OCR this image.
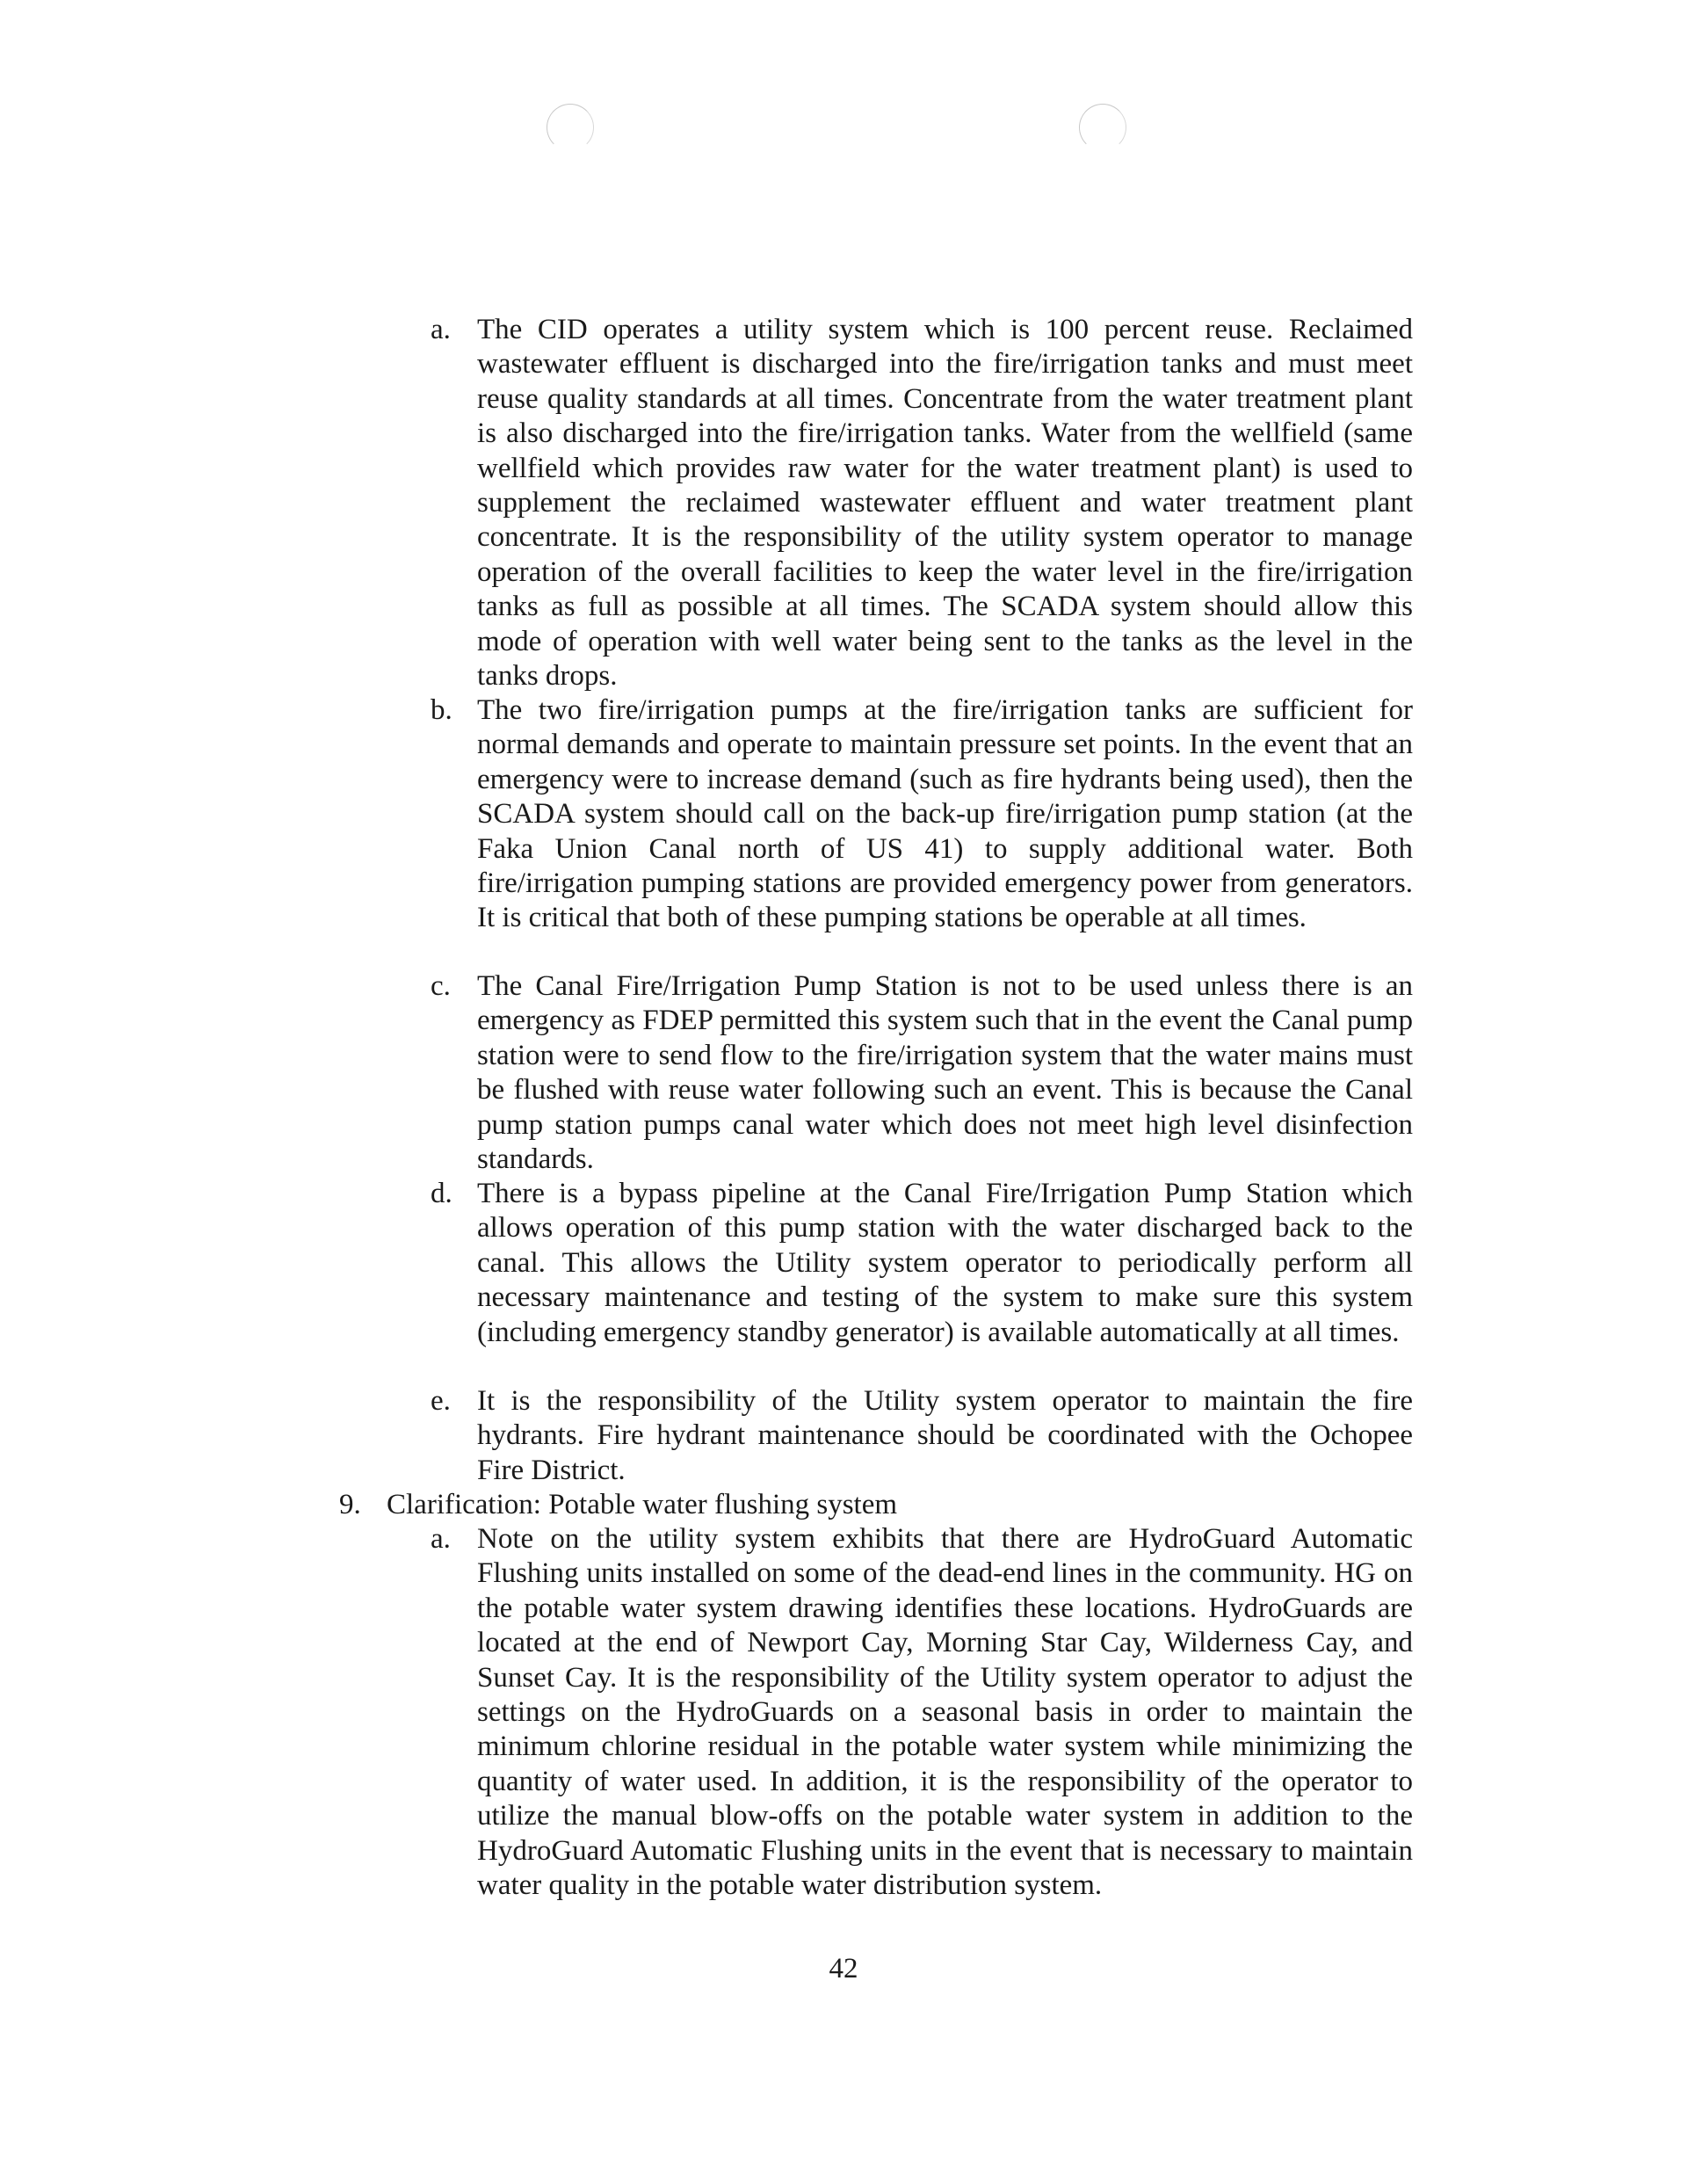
a. The CID operates a utility system which is 100 percent reuse. Reclaimed wastewater effluent is discharged into the fire/irrigation tanks and must meet reuse quality standards at all times. Concentrate from the water treatment plant is also discharged into the fire/irrigation tanks. Water from the wellfield (same wellfield which provides raw water for the water treatment plant) is used to supplement the reclaimed wastewater effluent and water treatment plant concentrate. It is the responsibility of the utility system operator to manage operation of the overall facilities to keep the water level in the fire/irrigation tanks as full as possible at all times. The SCADA system should allow this mode of operation with well water being sent to the tanks as the level in the tanks drops.
b. The two fire/irrigation pumps at the fire/irrigation tanks are sufficient for normal demands and operate to maintain pressure set points. In the event that an emergency were to increase demand (such as fire hydrants being used), then the SCADA system should call on the back-up fire/irrigation pump station (at the Faka Union Canal north of US 41) to supply additional water. Both fire/irrigation pumping stations are provided emergency power from generators. It is critical that both of these pumping stations be operable at all times.
c. The Canal Fire/Irrigation Pump Station is not to be used unless there is an emergency as FDEP permitted this system such that in the event the Canal pump station were to send flow to the fire/irrigation system that the water mains must be flushed with reuse water following such an event. This is because the Canal pump station pumps canal water which does not meet high level disinfection standards.
d. There is a bypass pipeline at the Canal Fire/Irrigation Pump Station which allows operation of this pump station with the water discharged back to the canal. This allows the Utility system operator to periodically perform all necessary maintenance and testing of the system to make sure this system (including emergency standby generator) is available automatically at all times.
e. It is the responsibility of the Utility system operator to maintain the fire hydrants. Fire hydrant maintenance should be coordinated with the Ochopee Fire District.
9. Clarification: Potable water flushing system
a. Note on the utility system exhibits that there are HydroGuard Automatic Flushing units installed on some of the dead-end lines in the community. HG on the potable water system drawing identifies these locations. HydroGuards are located at the end of Newport Cay, Morning Star Cay, Wilderness Cay, and Sunset Cay. It is the responsibility of the Utility system operator to adjust the settings on the HydroGuards on a seasonal basis in order to maintain the minimum chlorine residual in the potable water system while minimizing the quantity of water used. In addition, it is the responsibility of the operator to utilize the manual blow-offs on the potable water system in addition to the HydroGuard Automatic Flushing units in the event that is necessary to maintain water quality in the potable water distribution system.
42
